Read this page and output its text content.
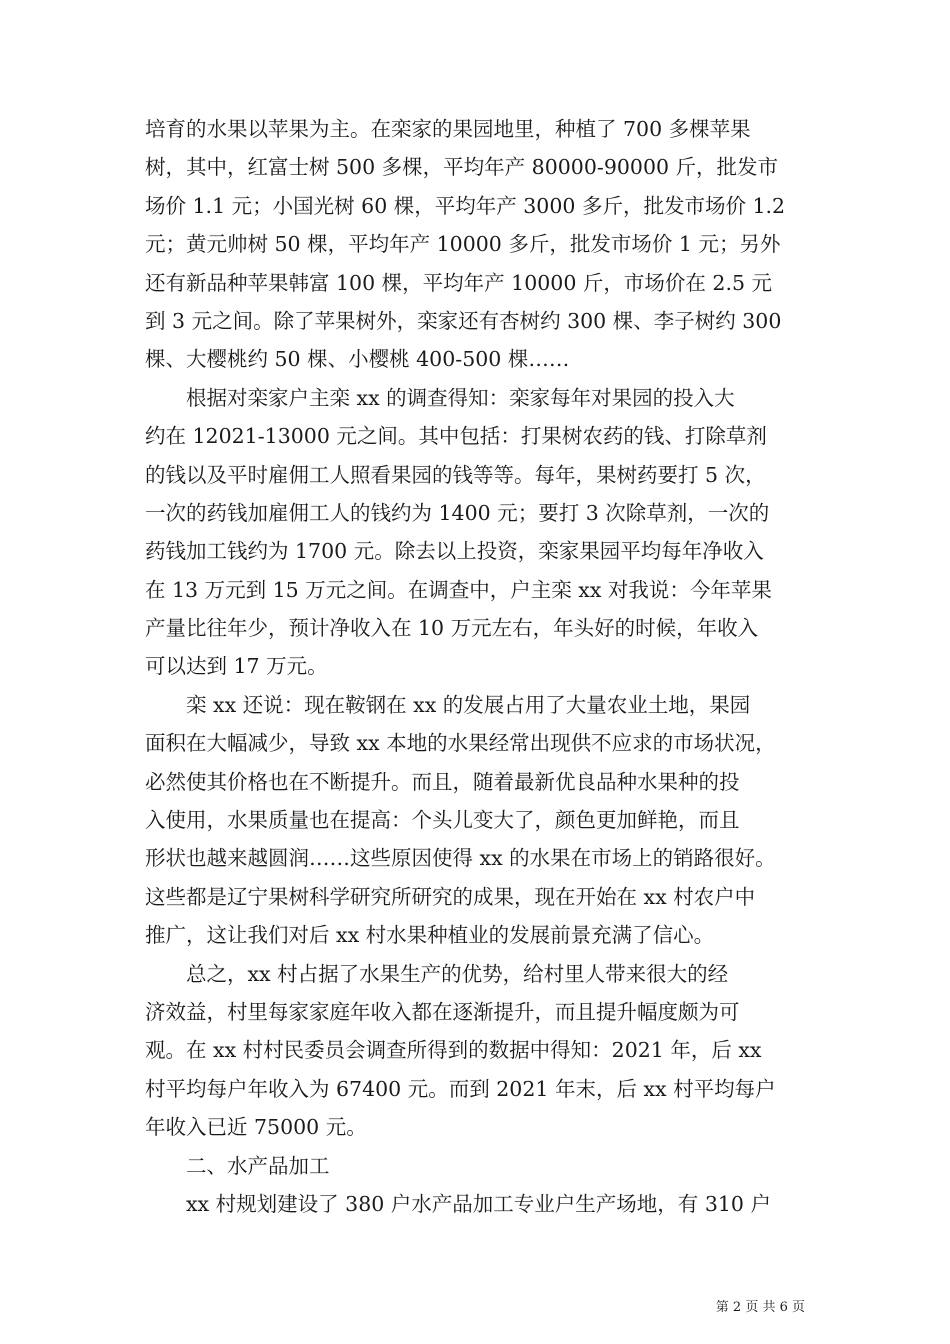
培育的水果以苹果为主。在栾家的果园地里，种植了 700 多棵苹果
树，其中，红富士树 500 多棵，平均年产 80000-90000 斤，批发市
场价 1.1 元；小国光树 60 棵，平均年产 3000 多斤，批发市场价 1.2
元；黄元帅树 50 棵，平均年产 10000 多斤，批发市场价 1 元；另外
还有新品种苹果韩富 100 棵，平均年产 10000 斤，市场价在 2.5 元
到 3 元之间。除了苹果树外，栾家还有杏树约 300 棵、李子树约 300
棵、大樱桃约 50 棵、小樱桃 400-500 棵……
根据对栾家户主栾 xx 的调查得知：栾家每年对果园的投入大
约在 12021-13000 元之间。其中包括：打果树农药的钱、打除草剂
的钱以及平时雇佣工人照看果园的钱等等。每年，果树药要打 5 次，
一次的药钱加雇佣工人的钱约为 1400 元；要打 3 次除草剂，一次的
药钱加工钱约为 1700 元。除去以上投资，栾家果园平均每年净收入
在 13 万元到 15 万元之间。在调查中，户主栾 xx 对我说：今年苹果
产量比往年少，预计净收入在 10 万元左右，年头好的时候，年收入
可以达到 17 万元。
栾 xx 还说：现在鞍钢在 xx 的发展占用了大量农业土地，果园
面积在大幅减少，导致 xx 本地的水果经常出现供不应求的市场状况，
必然使其价格也在不断提升。而且，随着最新优良品种水果种的投
入使用，水果质量也在提高：个头儿变大了，颜色更加鲜艳，而且
形状也越来越圆润……这些原因使得 xx 的水果在市场上的销路很好。
这些都是辽宁果树科学研究所研究的成果，现在开始在 xx 村农户中
推广，这让我们对后 xx 村水果种植业的发展前景充满了信心。
总之，xx 村占据了水果生产的优势，给村里人带来很大的经
济效益，村里每家家庭年收入都在逐渐提升，而且提升幅度颇为可
观。在 xx 村村民委员会调查所得到的数据中得知：2021 年，后 xx
村平均每户年收入为 67400 元。而到 2021 年末，后 xx 村平均每户
年收入已近 75000 元。
二、水产品加工
xx 村规划建设了 380 户水产品加工专业户生产场地，有 310 户
第 2 页 共 6 页
